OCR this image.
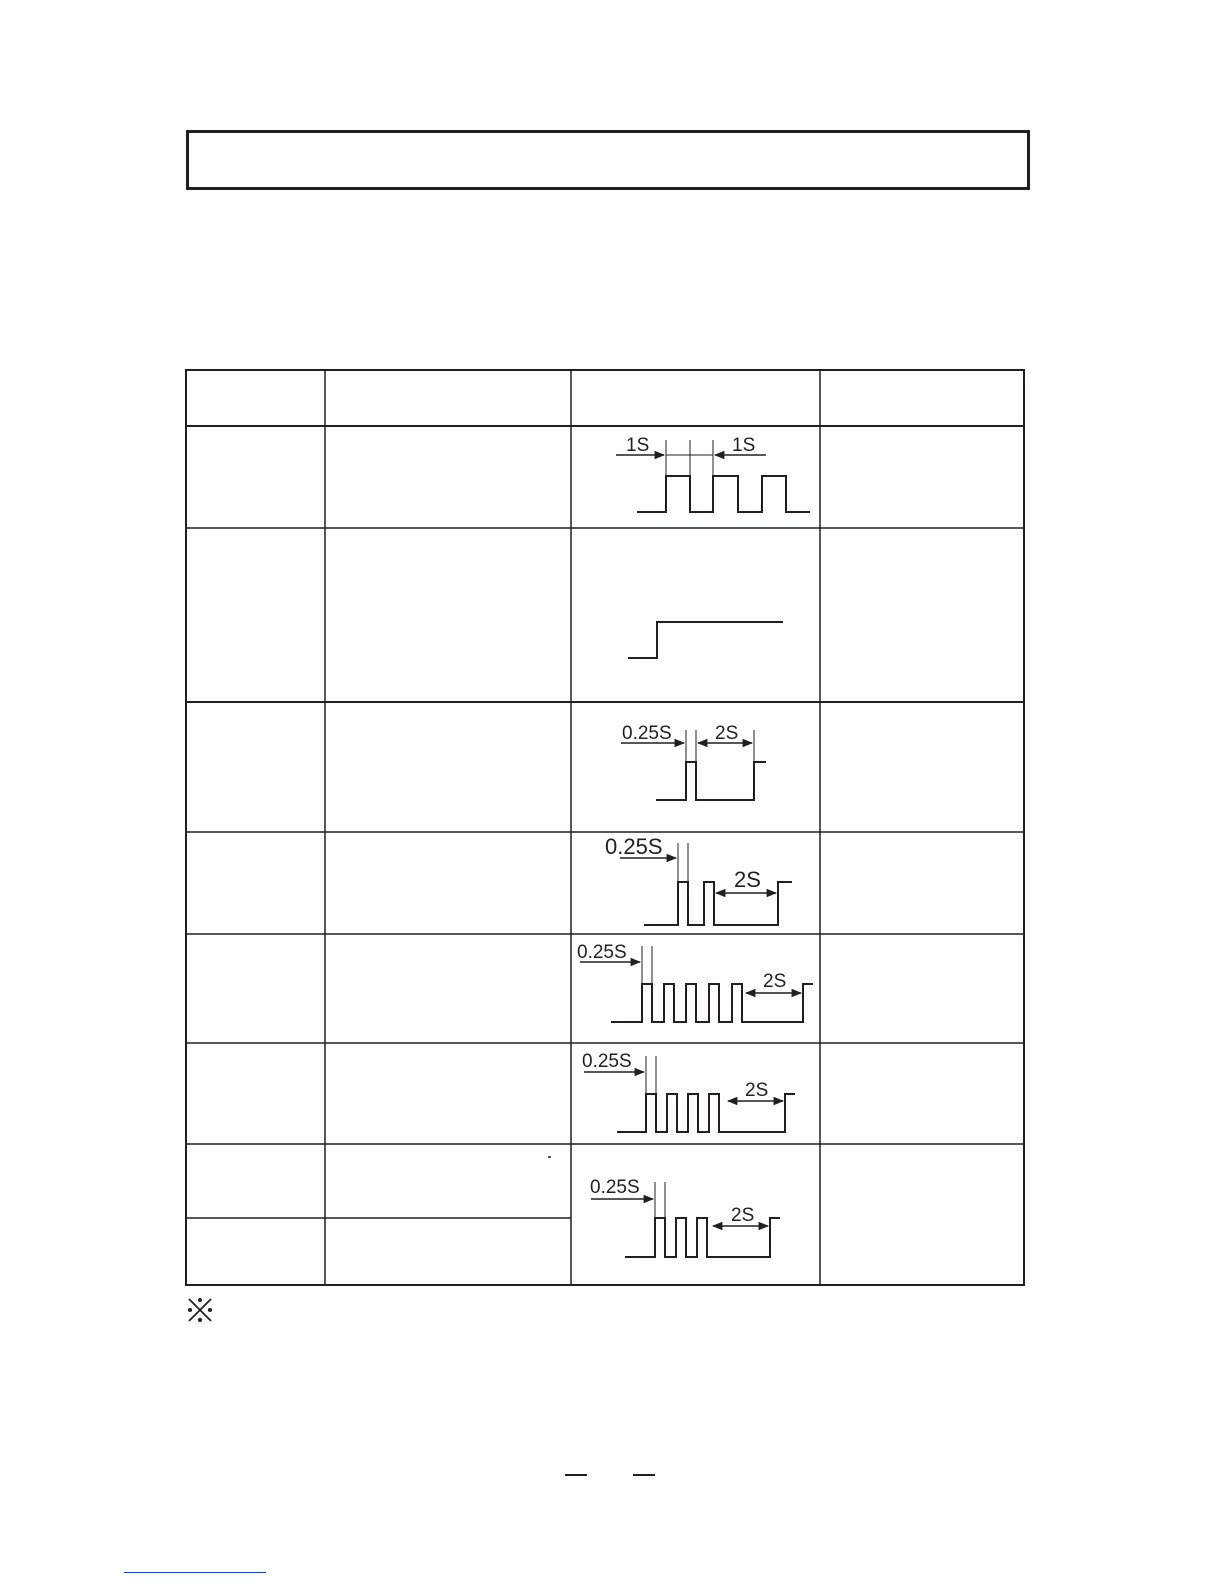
1S	1S
0.25S 2S
0.25S
2S
0.25S
2S
0.25S
2S
0.25S
2S
